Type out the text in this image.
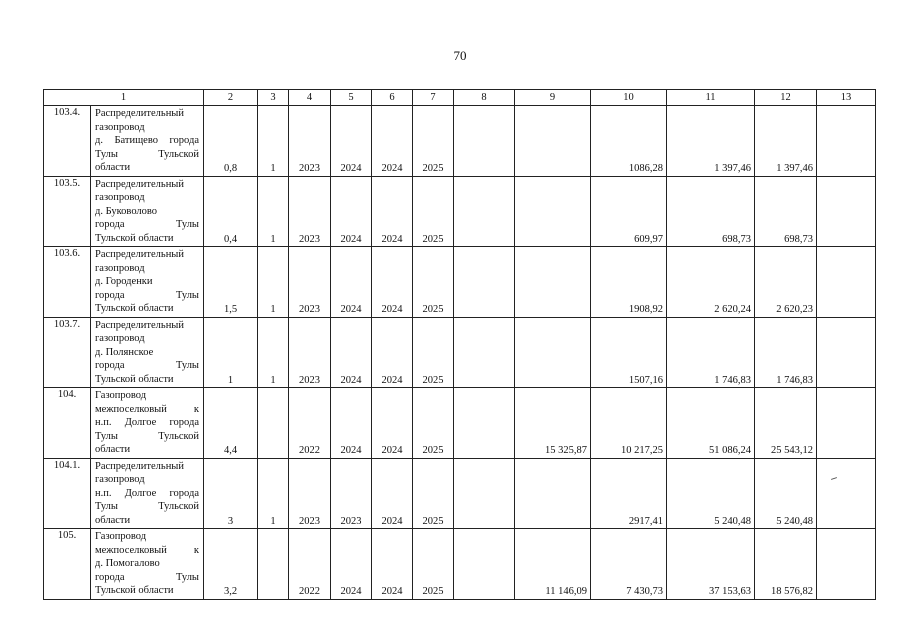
70
1		2	3	4	5	6	7	8	9	10	11	12	13
103.4.	Распределительный
газопровод
д. Батищево города
Тулы Тульской
области	0,8	1	2023	2024	2024	2025			1086,28	1 397,46	1 397,46	
103.5.	Распределительный
газопровод
д. Буковолово
города Тулы
Тульской области	0,4	1	2023	2024	2024	2025			609,97	698,73	698,73	
103.6.	Распределительный
газопровод
д. Городенки
города Тулы
Тульской области	1,5	1	2023	2024	2024	2025			1908,92	2 620,24	2 620,23	
103.7.	Распределительный
газопровод
д. Полянское
города Тулы
Тульской области	1	1	2023	2024	2024	2025			1507,16	1 746,83	1 746,83	
104.	Газопровод
межпоселковый к
н.п. Долгое города
Тулы Тульской
области	4,4		2022	2024	2024	2025		15 325,87	10 217,25	51 086,24	25 543,12	
104.1.	Распределительный
газопровод
н.п. Долгое города
Тулы Тульской
области	3	1	2023	2023	2024	2025			2917,41	5 240,48	5 240,48	
105.	Газопровод
межпоселковый к
д. Помогалово
города Тулы
Тульской области	3,2		2022	2024	2024	2025		11 146,09	7 430,73	37 153,63	18 576,82	
